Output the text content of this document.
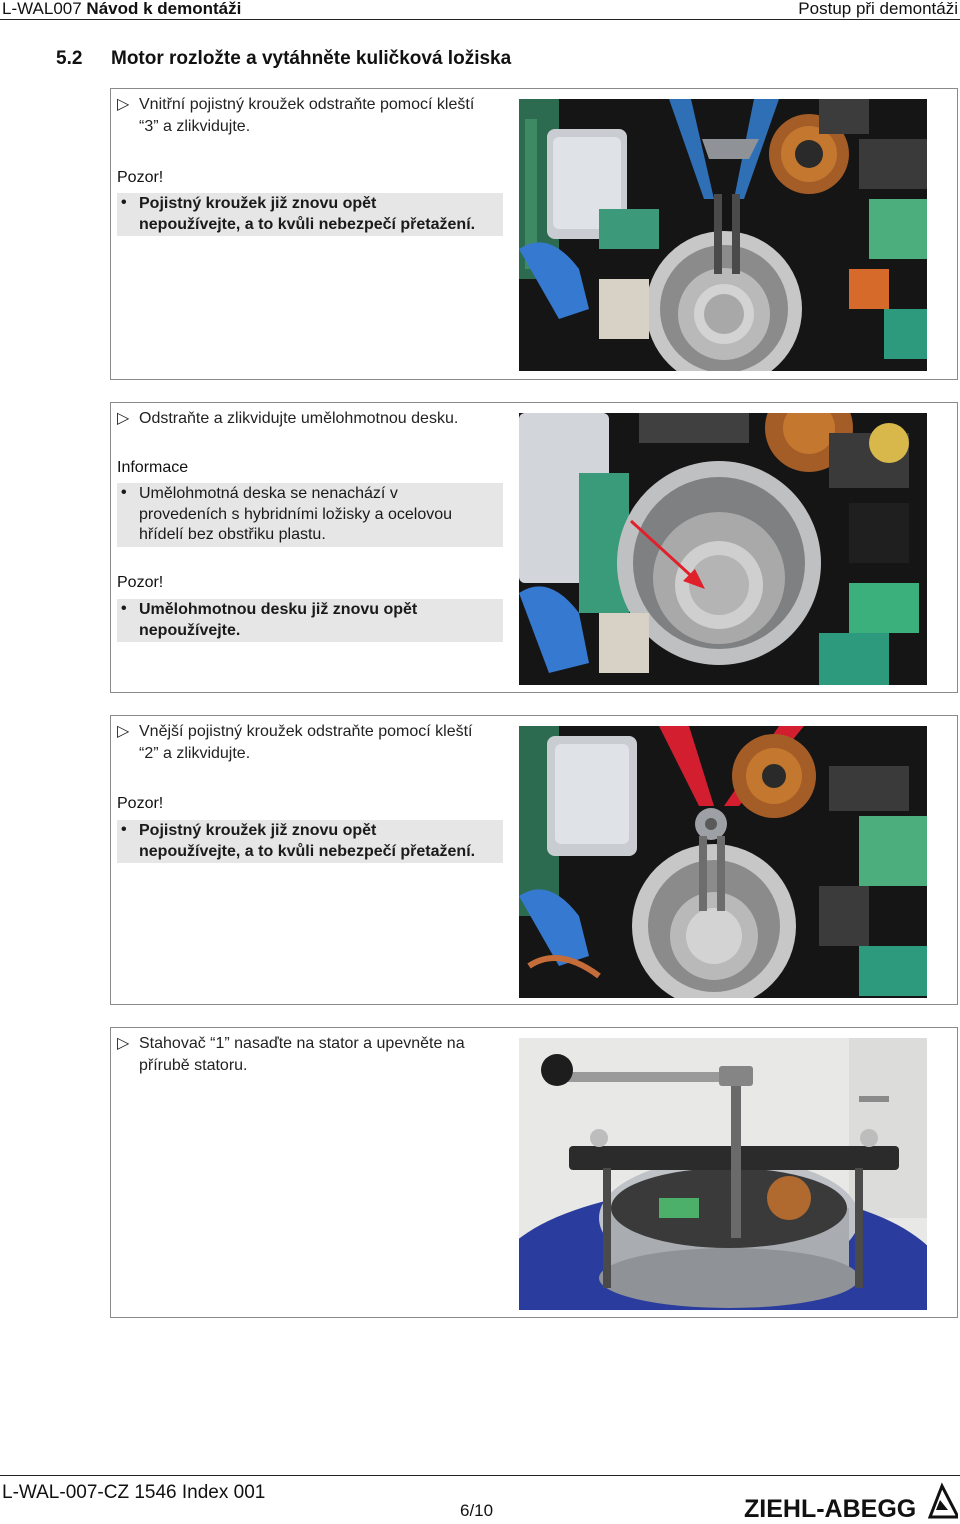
L-WAL007 Návod k demontáži	Postup při demontáži
5.2 Motor rozložte a vytáhněte kuličková ložiska
▷ Vnitřní pojistný kroužek odstraňte pomocí kleští
“3” a zlikvidujte.
Pozor!
• Pojistný kroužek již znovu opět
nepoužívejte, a to kvůli nebezpečí přetažení.
▷ Odstraňte a zlikvidujte umělohmotnou desku.
Informace
• Umělohmotná deska se nenachází v
provedeních s hybridními ložisky a ocelovou
hřídelí bez obstřiku plastu.
Pozor!
• Umělohmotnou desku již znovu opět
nepoužívejte.
▷ Vnější pojistný kroužek odstraňte pomocí kleští
“2” a zlikvidujte.
Pozor!
• Pojistný kroužek již znovu opět
nepoužívejte, a to kvůli nebezpečí přetažení.
▷ Stahovač “1” nasaďte na stator a upevněte na
přírubě statoru.
L-WAL-007-CZ 1546 Index 001
6/10	ZIEHL-ABEGG
